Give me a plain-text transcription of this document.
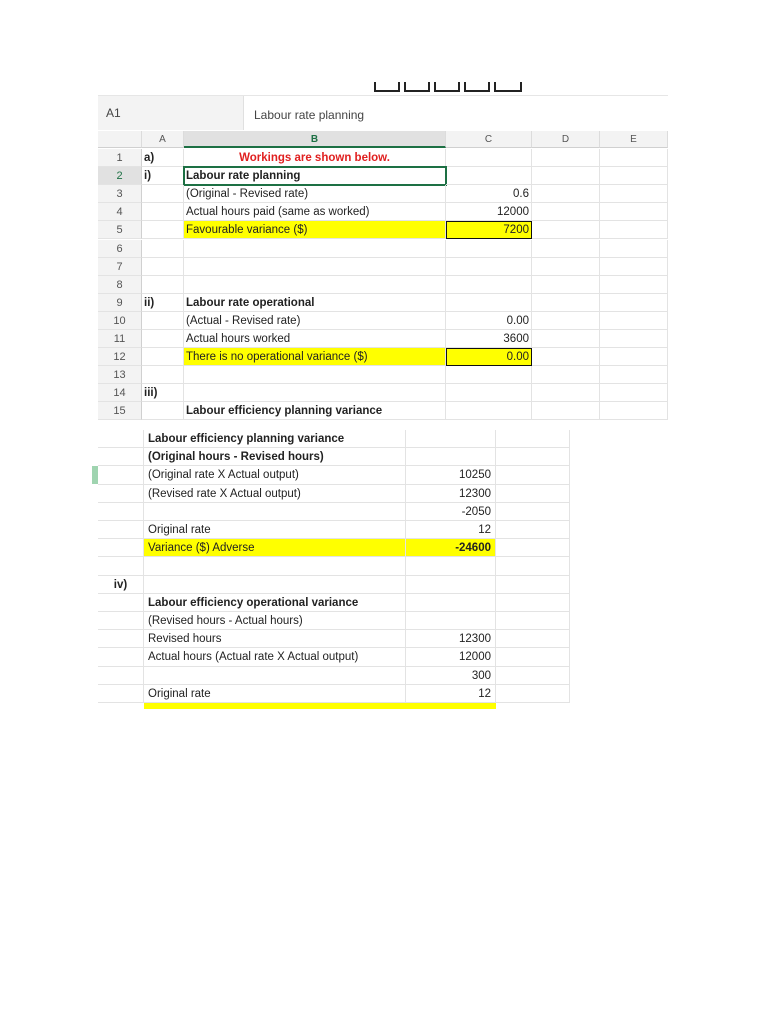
A1	Labour rate planning
A	B	C	D	E
1	a)	Workings are shown below.
2	i)	Labour rate planning
3	(Original - Revised rate)	0.6
4	Actual hours paid (same as worked)	12000
5	Favourable variance ($)	7200
6
7
8
9	ii)	Labour rate operational
10	(Actual - Revised rate)	0.00
11	Actual hours worked	3600
12	There is no operational variance ($)	0.00
13
14	iii)
15	Labour efficiency planning variance
Labour efficiency planning variance
(Original hours - Revised hours)
(Original rate X Actual output)	10250
(Revised rate X Actual output)	12300
-2050
Original rate	12
Variance ($) Adverse	-24600
iv)
Labour efficiency operational variance
(Revised hours - Actual hours)
Revised hours	12300
Actual hours (Actual rate X Actual output)	12000
300
Original rate	12
